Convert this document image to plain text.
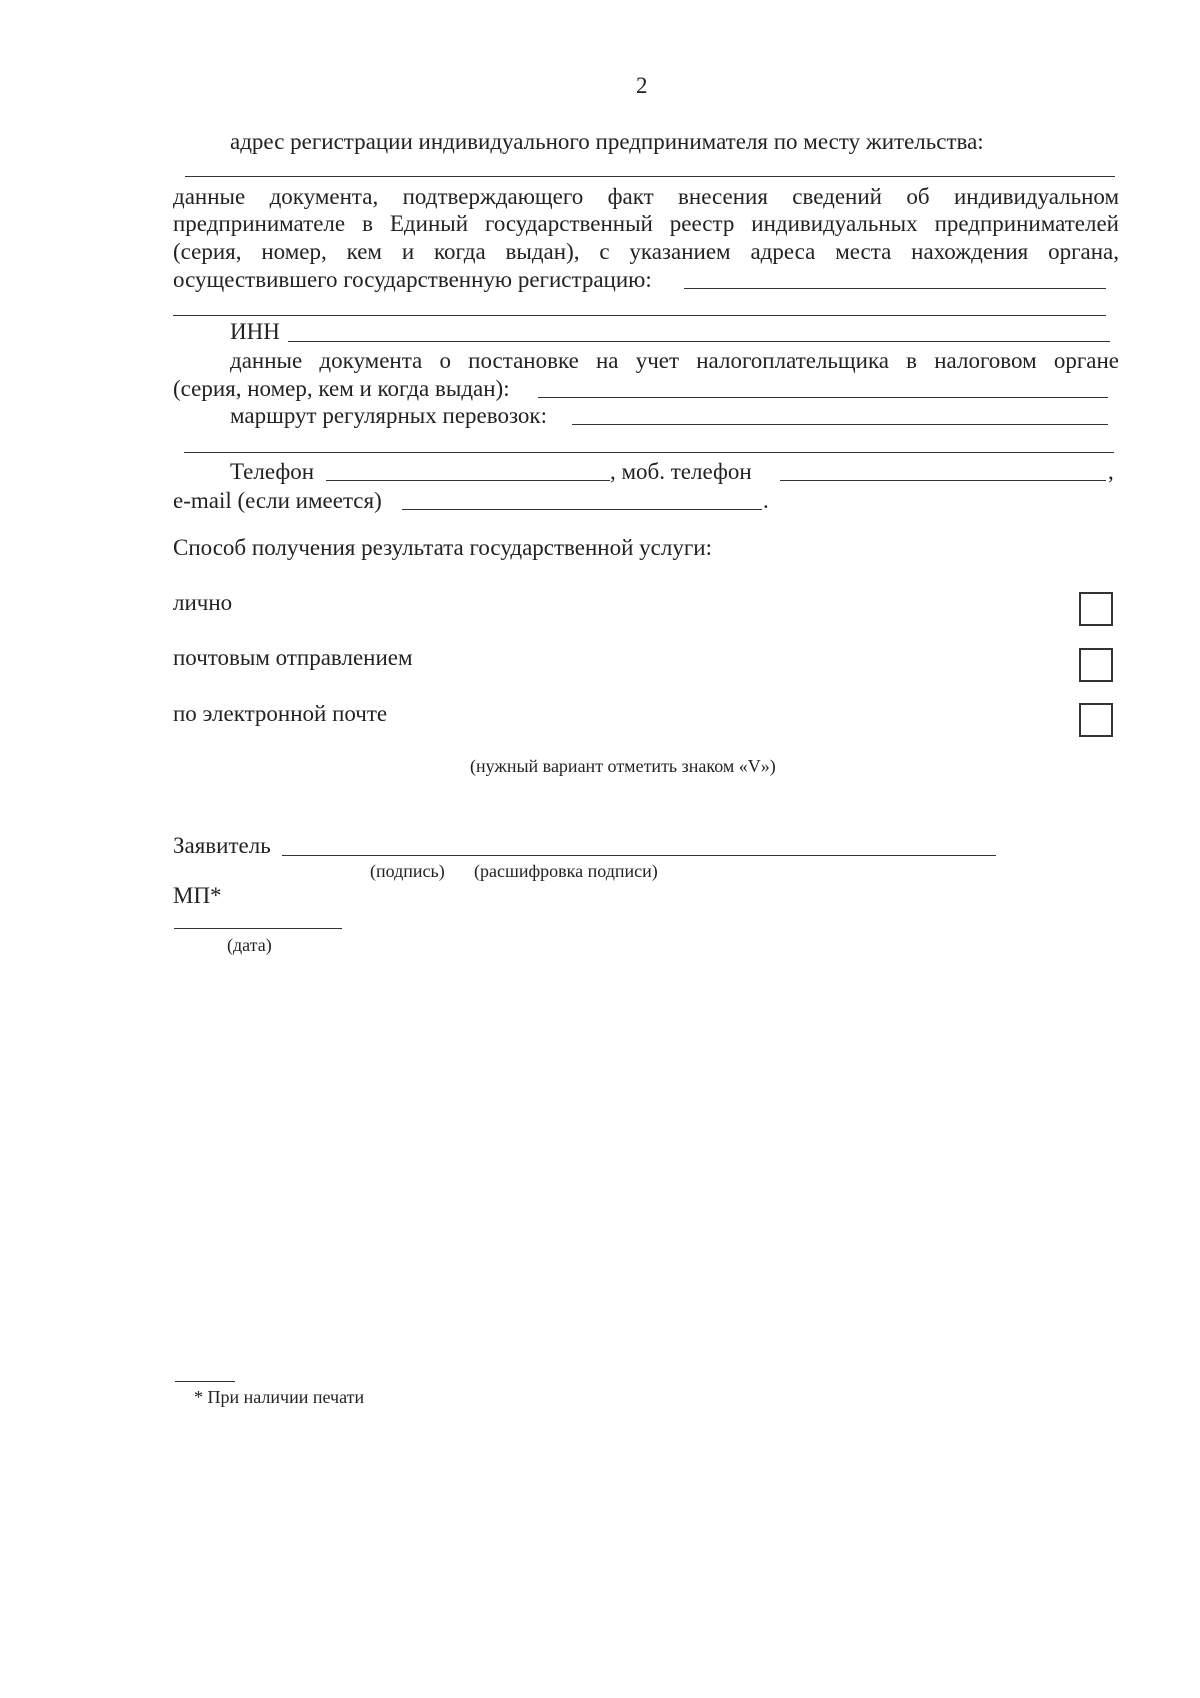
2
адрес регистрации индивидуального предпринимателя по месту жительства:
данные документа, подтверждающего факт внесения сведений об индивидуальном
предпринимателе в Единый государственный реестр индивидуальных предпринимателей
(серия, номер, кем и когда выдан), с указанием адреса места нахождения органа,
осуществившего государственную регистрацию:
ИНН
данные документа о постановке на учет налогоплательщика в налоговом органе
(серия, номер, кем и когда выдан):
маршрут регулярных перевозок:
Телефон	, моб. телефон	,
e-mail (если имеется)	.
Способ получения результата государственной услуги:
лично
почтовым отправлением
по электронной почте
(нужный вариант отметить знаком «V»)
Заявитель
(подпись) (расшифровка подписи)
МП*
(дата)
* При наличии печати
